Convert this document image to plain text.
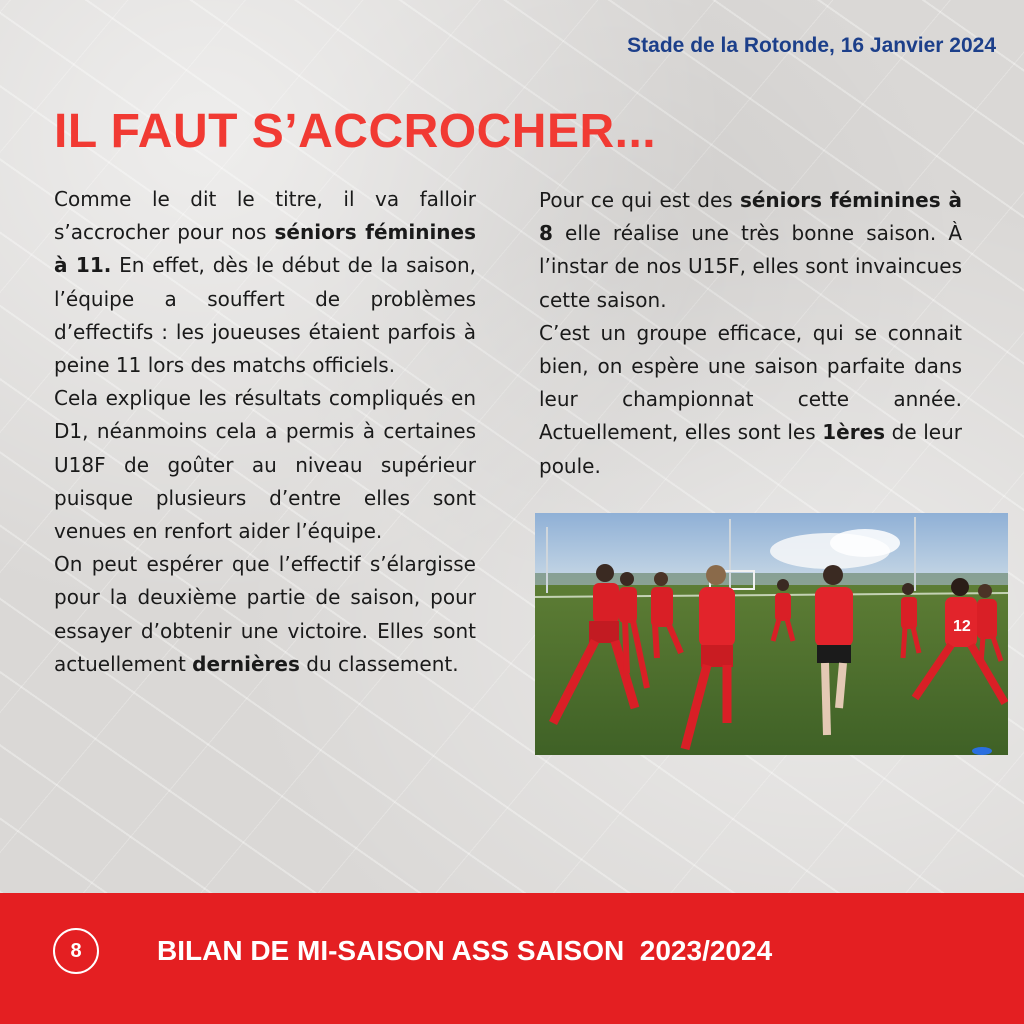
Stade de la Rotonde, 16 Janvier 2024
IL FAUT S’ACCROCHER...

Comme le dit le titre, il va falloir s’accrocher pour nos séniors féminines à 11. En effet, dès le début de la saison, l’équipe a souffert de problèmes d’effectifs : les joueuses étaient parfois à peine 11 lors des matchs officiels.

Cela explique les résultats compliqués en D1, néanmoins cela a permis à certaines U18F de goûter au niveau supérieur puisque plusieurs d’entre elles sont venues en renfort aider l’équipe.

On peut espérer que l’effectif s’élargisse pour la deuxième partie de saison, pour essayer d’obtenir une victoire. Elles sont actuellement dernières du classement.

Pour ce qui est des séniors féminines à 8 elle réalise une très bonne saison. À l’instar de nos U15F, elles sont invaincues cette saison.

C’est un groupe efficace, qui se connait bien, on espère une saison parfaite dans leur championnat cette année. Actuellement, elles sont les 1ères de leur poule.

12
8	BILAN DE MI-SAISON ASS SAISON  2023/2024
